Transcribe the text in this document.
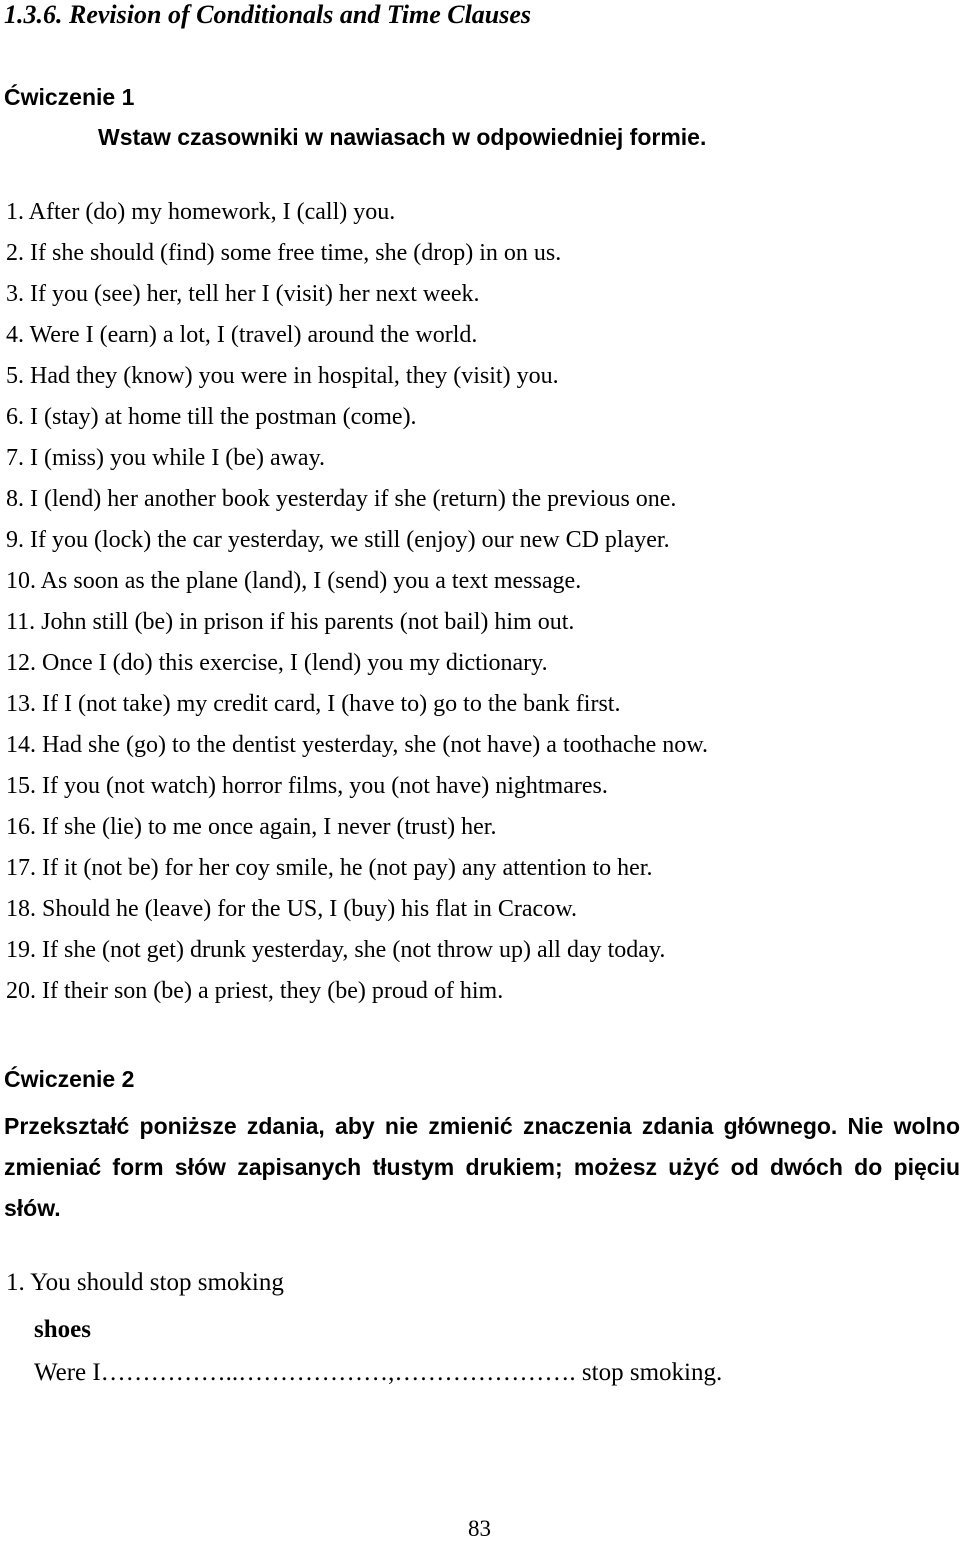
1.3.6. Revision of Conditionals and Time Clauses
Ćwiczenie 1
Wstaw czasowniki w nawiasach w odpowiedniej formie.
1. After (do) my homework, I (call) you.
2. If she should (find) some free time, she (drop) in on us.
3. If you (see) her, tell her I (visit) her next week.
4. Were I (earn) a lot, I (travel) around the world.
5. Had they (know) you were in hospital, they (visit) you.
6. I (stay) at home till the postman (come).
7. I (miss) you while I (be) away.
8. I (lend) her another book yesterday if she (return) the previous one.
9. If you (lock) the car yesterday, we still (enjoy) our new CD player.
10. As soon as the plane (land), I (send) you a text message.
11. John still (be) in prison if his parents (not bail) him out.
12. Once I (do) this exercise, I (lend) you my dictionary.
13. If I (not take) my credit card, I (have to) go to the bank first.
14. Had she (go) to the dentist yesterday, she (not have) a toothache now.
15. If you (not watch) horror films, you (not have) nightmares.
16. If she (lie) to me once again, I never (trust) her.
17. If it (not be) for her coy smile, he (not pay) any attention to her.
18. Should he (leave) for the US, I (buy) his flat in Cracow.
19. If she (not get) drunk yesterday, she (not throw up) all day today.
20. If their son (be) a priest, they (be) proud of him.
Ćwiczenie 2

Przekształć poniższe zdania, aby nie zmienić znaczenia zdania głównego. Nie wolno zmieniać form słów zapisanych tłustym drukiem; możesz użyć od dwóch do pięciu słów.

1. You should stop smoking
shoes
Were I……………..………………,…………………. stop smoking.
83
